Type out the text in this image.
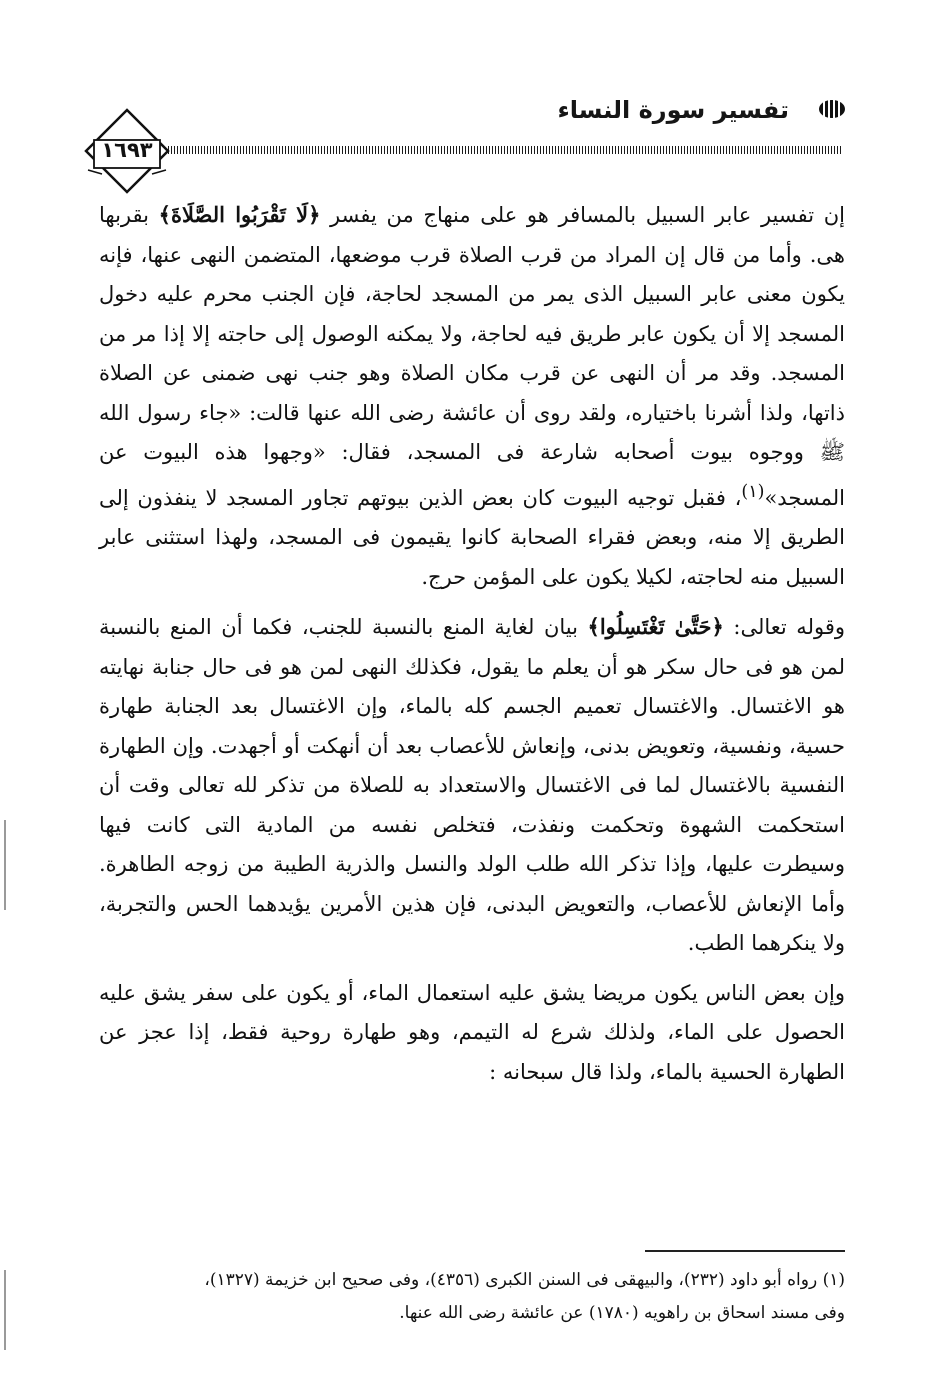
تفسير سورة النساء
١٦٩٣

إن تفسير عابر السبيل بالمسافر هو على منهاج من يفسر ﴿لَا تَقْرَبُوا الصَّلَاةَ﴾ بقربها هى. وأما من قال إن المراد من قرب الصلاة قرب موضعها، المتضمن النهى عنها، فإنه يكون معنى عابر السبيل الذى يمر من المسجد لحاجة، فإن الجنب محرم عليه دخول المسجد إلا أن يكون عابر طريق فيه لحاجة، ولا يمكنه الوصول إلى حاجته إلا إذا مر من المسجد. وقد مر أن النهى عن قرب مكان الصلاة وهو جنب نهى ضمنى عن الصلاة ذاتها، ولذا أشرنا باختياره، ولقد روى أن عائشة رضى الله عنها قالت: «جاء رسول الله ﷺ ووجوه بيوت أصحابه شارعة فى المسجد، فقال: «وجهوا هذه البيوت عن المسجد»$^{(١)}$، فقبل توجيه البيوت كان بعض الذين بيوتهم تجاور المسجد لا ينفذون إلى الطريق إلا منه، وبعض فقراء الصحابة كانوا يقيمون فى المسجد، ولهذا استثنى عابر السبيل منه لحاجته، لكيلا يكون على المؤمن حرج.

وقوله تعالى: ﴿حَتَّىٰ تَغْتَسِلُوا﴾ بيان لغاية المنع بالنسبة للجنب، فكما أن المنع بالنسبة لمن هو فى حال سكر هو أن يعلم ما يقول، فكذلك النهى لمن هو فى حال جنابة نهايته هو الاغتسال. والاغتسال تعميم الجسم كله بالماء، وإن الاغتسال بعد الجنابة طهارة حسية، ونفسية، وتعويض بدنى، وإنعاش للأعصاب بعد أن أنهكت أو أجهدت. وإن الطهارة النفسية بالاغتسال لما فى الاغتسال والاستعداد به للصلاة من تذكر لله تعالى وقت أن استحكمت الشهوة وتحكمت ونفذت، فتخلص نفسه من المادية التى كانت فيها وسيطرت عليها، وإذا تذكر الله طلب الولد والنسل والذرية الطيبة من زوجه الطاهرة. وأما الإنعاش للأعصاب، والتعويض البدنى، فإن هذين الأمرين يؤيدهما الحس والتجربة، ولا ينكرهما الطب.

وإن بعض الناس يكون مريضا يشق عليه استعمال الماء، أو يكون على سفر يشق عليه الحصول على الماء، ولذلك شرع له التيمم، وهو طهارة روحية فقط، إذا عجز عن الطهارة الحسية بالماء، ولذا قال سبحانه :

(١) رواه أبو داود (٢٣٢)، والبيهقى فى السنن الكبرى (٤٣٥٦)، وفى صحيح ابن خزيمة (١٣٢٧)،

وفى مسند اسحاق بن راهويه (١٧٨٠) عن عائشة رضى الله عنها.
